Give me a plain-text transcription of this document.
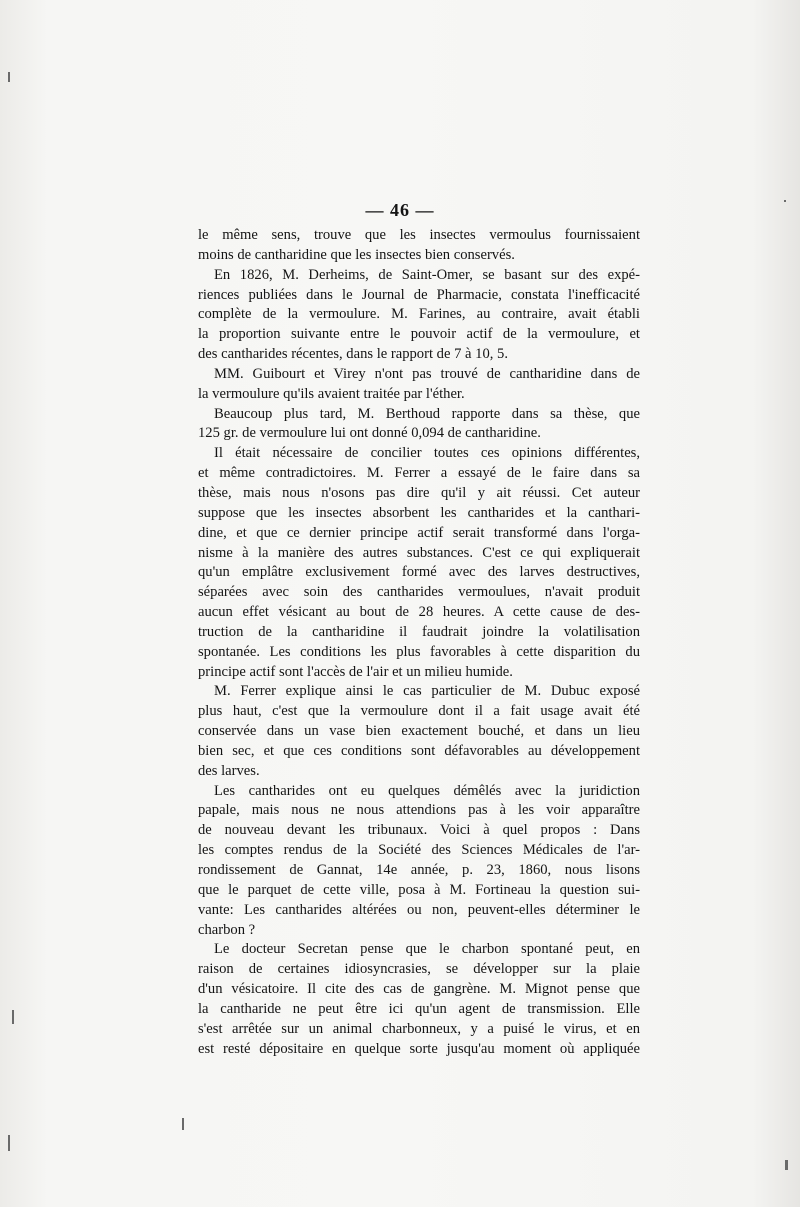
— 46 —
le même sens, trouve que les insectes vermoulus fournissaient
moins de cantharidine que les insectes bien conservés.
En 1826, M. Derheims, de Saint-Omer, se basant sur des expé-
riences publiées dans le Journal de Pharmacie, constata l'inefficacité
complète de la vermoulure. M. Farines, au contraire, avait établi
la proportion suivante entre le pouvoir actif de la vermoulure, et
des cantharides récentes, dans le rapport de 7 à 10, 5.
MM. Guibourt et Virey n'ont pas trouvé de cantharidine dans de
la vermoulure qu'ils avaient traitée par l'éther.
Beaucoup plus tard, M. Berthoud rapporte dans sa thèse, que
125 gr. de vermoulure lui ont donné 0,094 de cantharidine.
Il était nécessaire de concilier toutes ces opinions différentes,
et même contradictoires. M. Ferrer a essayé de le faire dans sa
thèse, mais nous n'osons pas dire qu'il y ait réussi. Cet auteur
suppose que les insectes absorbent les cantharides et la canthari-
dine, et que ce dernier principe actif serait transformé dans l'orga-
nisme à la manière des autres substances. C'est ce qui expliquerait
qu'un emplâtre exclusivement formé avec des larves destructives,
séparées avec soin des cantharides vermoulues, n'avait produit
aucun effet vésicant au bout de 28 heures. A cette cause de des-
truction de la cantharidine il faudrait joindre la volatilisation
spontanée. Les conditions les plus favorables à cette disparition du
principe actif sont l'accès de l'air et un milieu humide.
M. Ferrer explique ainsi le cas particulier de M. Dubuc exposé
plus haut, c'est que la vermoulure dont il a fait usage avait été
conservée dans un vase bien exactement bouché, et dans un lieu
bien sec, et que ces conditions sont défavorables au développement
des larves.
Les cantharides ont eu quelques démêlés avec la juridiction
papale, mais nous ne nous attendions pas à les voir apparaître
de nouveau devant les tribunaux. Voici à quel propos : Dans
les comptes rendus de la Société des Sciences Médicales de l'ar-
rondissement de Gannat, 14e année, p. 23, 1860, nous lisons
que le parquet de cette ville, posa à M. Fortineau la question sui-
vante: Les cantharides altérées ou non, peuvent-elles déterminer le
charbon ?
Le docteur Secretan pense que le charbon spontané peut, en
raison de certaines idiosyncrasies, se développer sur la plaie
d'un vésicatoire. Il cite des cas de gangrène. M. Mignot pense que
la cantharide ne peut être ici qu'un agent de transmission. Elle
s'est arrêtée sur un animal charbonneux, y a puisé le virus, et en
est resté dépositaire en quelque sorte jusqu'au moment où appliquée
